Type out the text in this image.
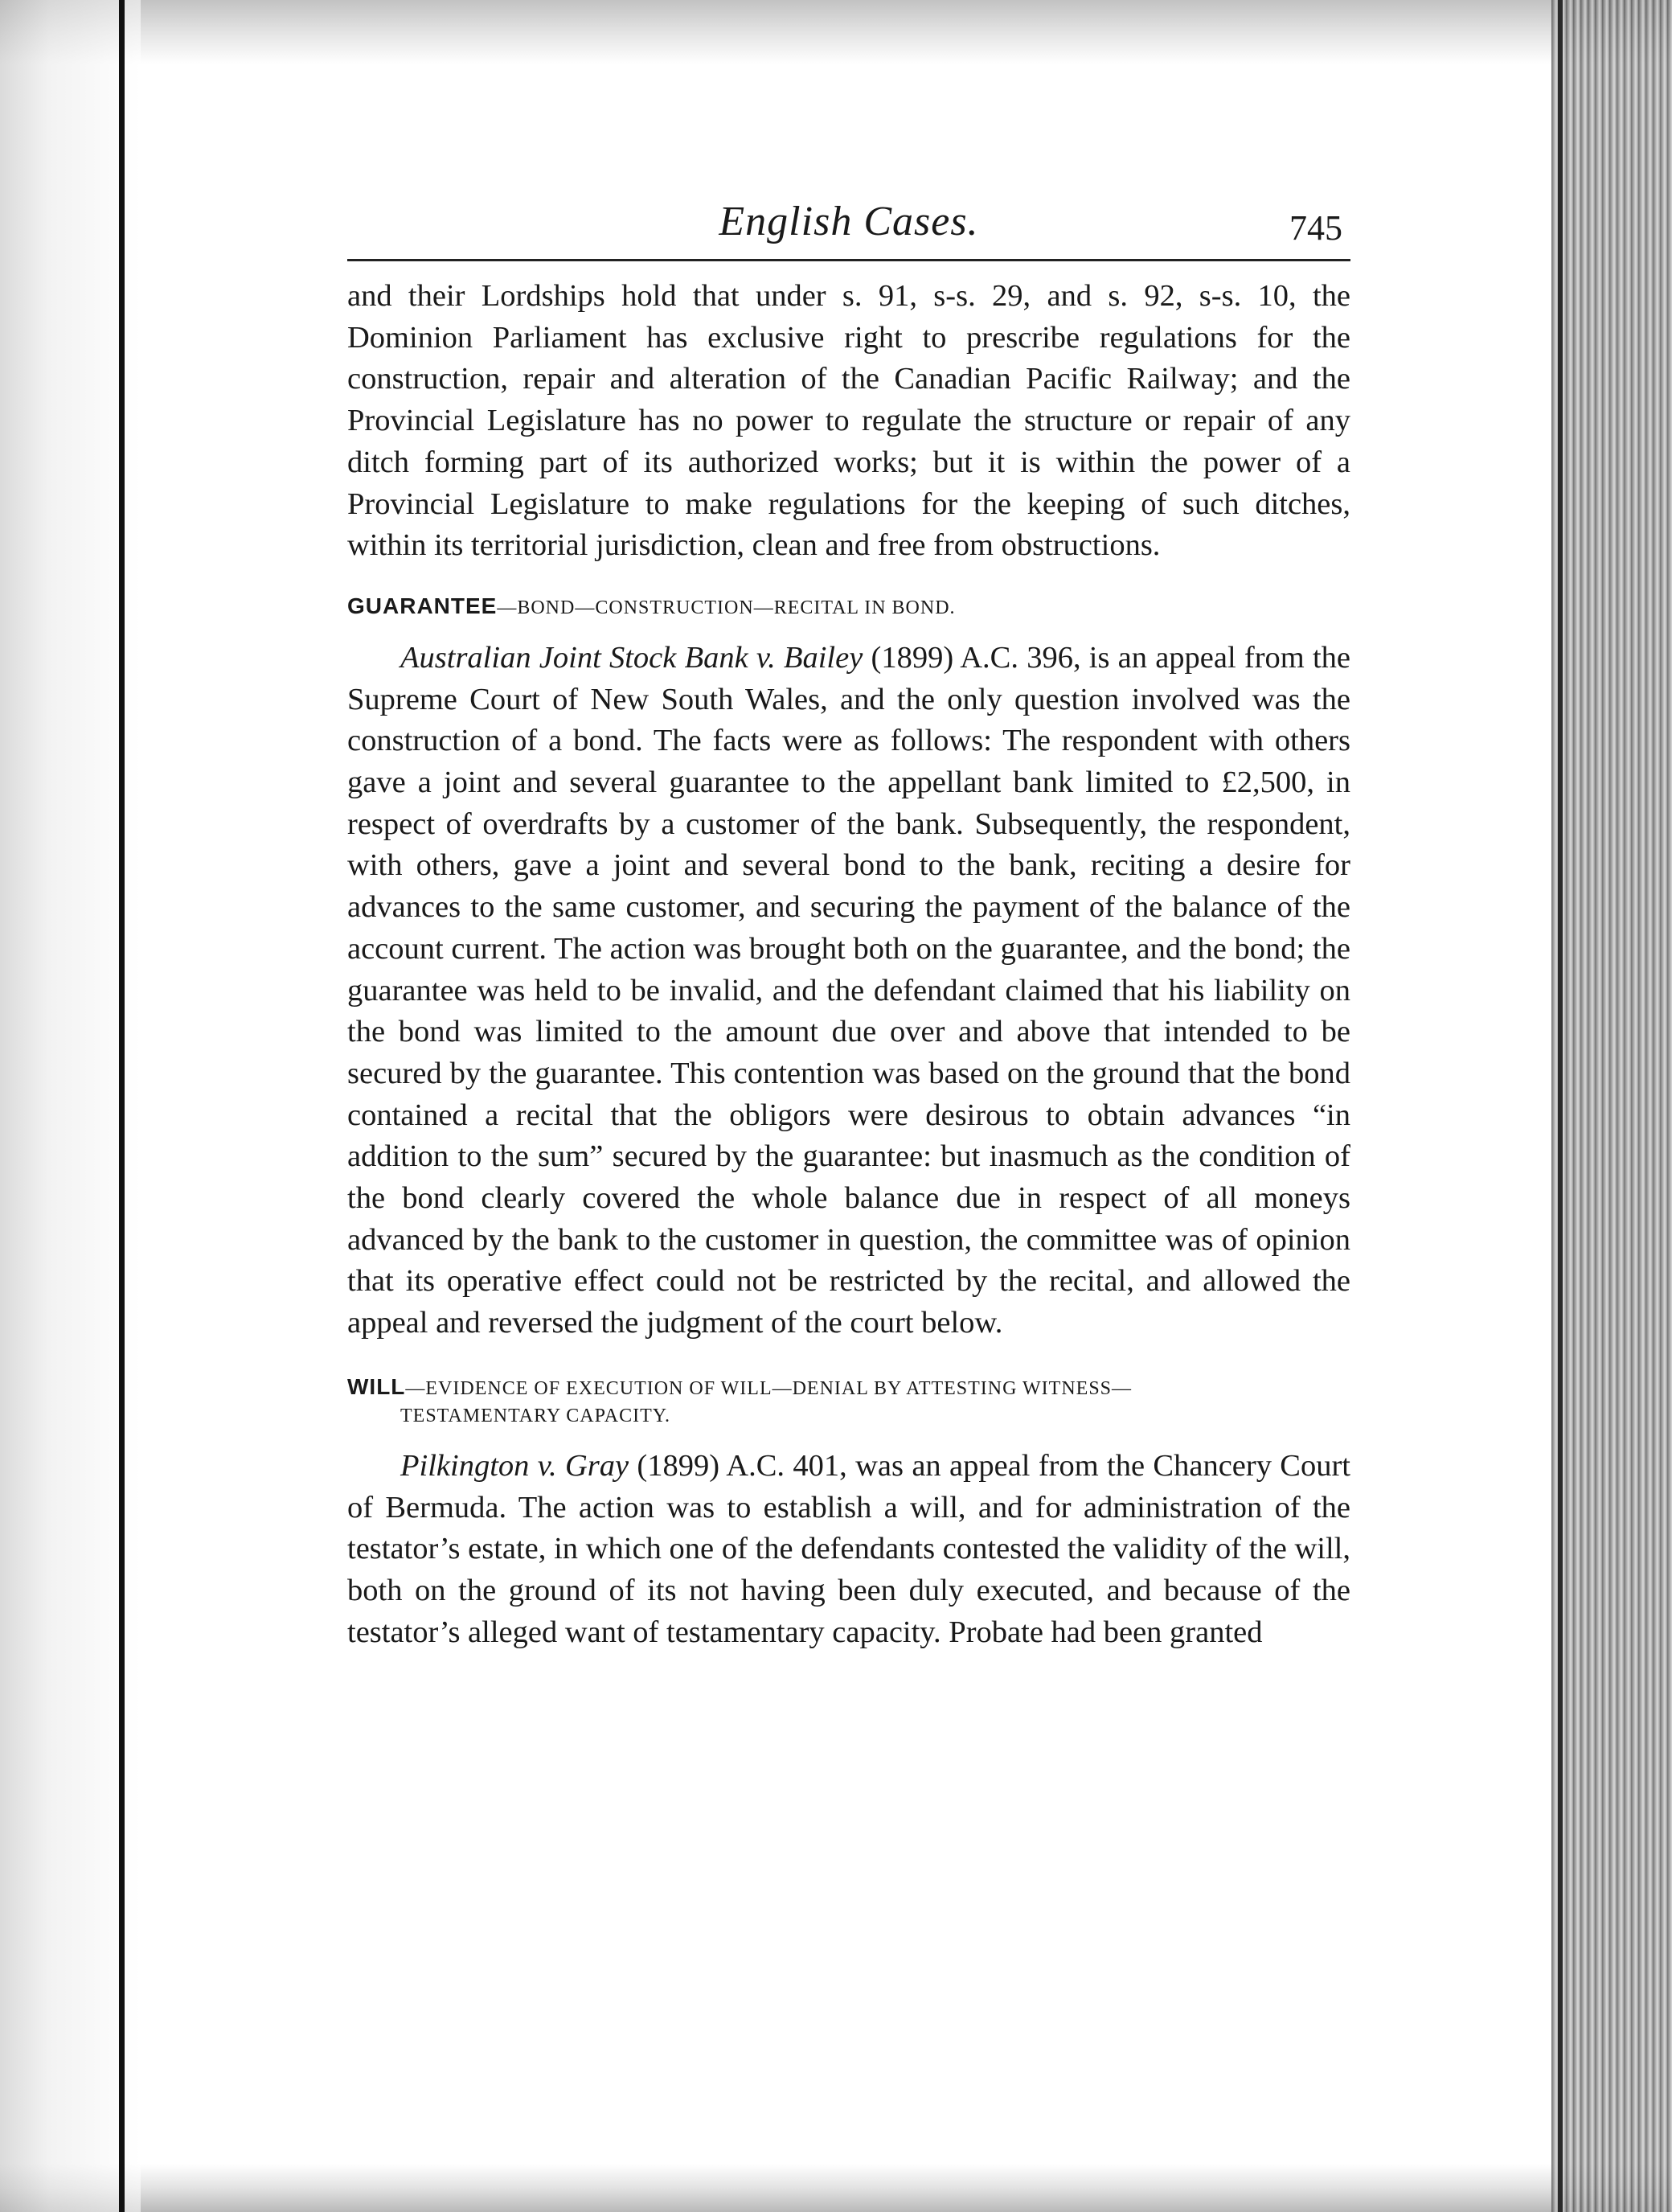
English Cases.	745

and their Lordships hold that under s. 91, s-s. 29, and s. 92, s-s. 10, the Dominion Parliament has exclusive right to prescribe regulations for the construction, repair and alteration of the Canadian Pacific Railway; and the Provincial Legislature has no power to regulate the structure or repair of any ditch forming part of its authorized works; but it is within the power of a Provincial Legislature to make regulations for the keeping of such ditches, within its territorial jurisdiction, clean and free from obstructions.

GUARANTEE—BOND—CONSTRUCTION—RECITAL IN BOND.

Australian Joint Stock Bank v. Bailey (1899) A.C. 396, is an appeal from the Supreme Court of New South Wales, and the only question involved was the construction of a bond. The facts were as follows: The respondent with others gave a joint and several guarantee to the appellant bank limited to £2,500, in respect of overdrafts by a customer of the bank. Subsequently, the respondent, with others, gave a joint and several bond to the bank, reciting a desire for advances to the same customer, and securing the payment of the balance of the account current. The action was brought both on the guarantee, and the bond; the guarantee was held to be invalid, and the defendant claimed that his liability on the bond was limited to the amount due over and above that intended to be secured by the guarantee. This contention was based on the ground that the bond contained a recital that the obligors were desirous to obtain advances “in addition to the sum” secured by the guarantee: but inasmuch as the condition of the bond clearly covered the whole balance due in respect of all moneys advanced by the bank to the customer in question, the committee was of opinion that its operative effect could not be restricted by the recital, and allowed the appeal and reversed the judgment of the court below.

WILL—EVIDENCE OF EXECUTION OF WILL—DENIAL BY ATTESTING WITNESS—
TESTAMENTARY CAPACITY.

Pilkington v. Gray (1899) A.C. 401, was an appeal from the Chancery Court of Bermuda. The action was to establish a will, and for administration of the testator’s estate, in which one of the defendants contested the validity of the will, both on the ground of its not having been duly executed, and because of the testator’s alleged want of testamentary capacity. Probate had been granted
